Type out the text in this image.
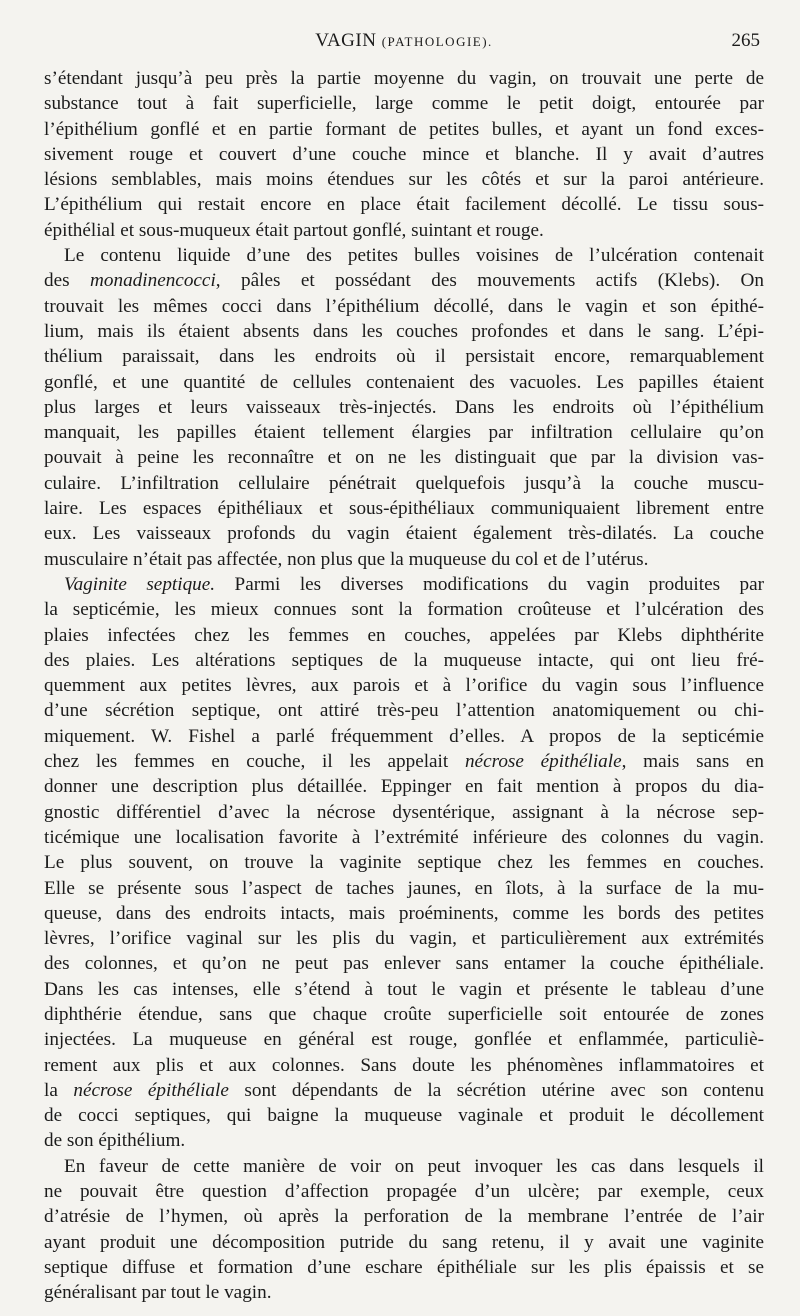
VAGIN (PATHOLOGIE).	265

s’étendant jusqu’à peu près la partie moyenne du vagin, on trouvait une perte de
substance tout à fait superficielle, large comme le petit doigt, entourée par
l’épithélium gonflé et en partie formant de petites bulles, et ayant un fond exces-
sivement rouge et couvert d’une couche mince et blanche. Il y avait d’autres
lésions semblables, mais moins étendues sur les côtés et sur la paroi antérieure.
L’épithélium qui restait encore en place était facilement décollé. Le tissu sous-
épithélial et sous-muqueux était partout gonflé, suintant et rouge.

Le contenu liquide d’une des petites bulles voisines de l’ulcération contenait
des monadinencocci, pâles et possédant des mouvements actifs (Klebs). On
trouvait les mêmes cocci dans l’épithélium décollé, dans le vagin et son épithé-
lium, mais ils étaient absents dans les couches profondes et dans le sang. L’épi-
thélium paraissait, dans les endroits où il persistait encore, remarquablement
gonflé, et une quantité de cellules contenaient des vacuoles. Les papilles étaient
plus larges et leurs vaisseaux très-injectés. Dans les endroits où l’épithélium
manquait, les papilles étaient tellement élargies par infiltration cellulaire qu’on
pouvait à peine les reconnaître et on ne les distinguait que par la division vas-
culaire. L’infiltration cellulaire pénétrait quelquefois jusqu’à la couche muscu-
laire. Les espaces épithéliaux et sous-épithéliaux communiquaient librement entre
eux. Les vaisseaux profonds du vagin étaient également très-dilatés. La couche
musculaire n’était pas affectée, non plus que la muqueuse du col et de l’utérus.

Vaginite septique. Parmi les diverses modifications du vagin produites par
la septicémie, les mieux connues sont la formation croûteuse et l’ulcération des
plaies infectées chez les femmes en couches, appelées par Klebs diphthérite
des plaies. Les altérations septiques de la muqueuse intacte, qui ont lieu fré-
quemment aux petites lèvres, aux parois et à l’orifice du vagin sous l’influence
d’une sécrétion septique, ont attiré très-peu l’attention anatomiquement ou chi-
miquement. W. Fishel a parlé fréquemment d’elles. A propos de la septicémie
chez les femmes en couche, il les appelait nécrose épithéliale, mais sans en
donner une description plus détaillée. Eppinger en fait mention à propos du dia-
gnostic différentiel d’avec la nécrose dysentérique, assignant à la nécrose sep-
ticémique une localisation favorite à l’extrémité inférieure des colonnes du vagin.
Le plus souvent, on trouve la vaginite septique chez les femmes en couches.
Elle se présente sous l’aspect de taches jaunes, en îlots, à la surface de la mu-
queuse, dans des endroits intacts, mais proéminents, comme les bords des petites
lèvres, l’orifice vaginal sur les plis du vagin, et particulièrement aux extrémités
des colonnes, et qu’on ne peut pas enlever sans entamer la couche épithéliale.
Dans les cas intenses, elle s’étend à tout le vagin et présente le tableau d’une
diphthérie étendue, sans que chaque croûte superficielle soit entourée de zones
injectées. La muqueuse en général est rouge, gonflée et enflammée, particuliè-
rement aux plis et aux colonnes. Sans doute les phénomènes inflammatoires et
la nécrose épithéliale sont dépendants de la sécrétion utérine avec son contenu
de cocci septiques, qui baigne la muqueuse vaginale et produit le décollement
de son épithélium.

En faveur de cette manière de voir on peut invoquer les cas dans lesquels il
ne pouvait être question d’affection propagée d’un ulcère; par exemple, ceux
d’atrésie de l’hymen, où après la perforation de la membrane l’entrée de l’air
ayant produit une décomposition putride du sang retenu, il y avait une vaginite
septique diffuse et formation d’une eschare épithéliale sur les plis épaissis et se
généralisant par tout le vagin.
